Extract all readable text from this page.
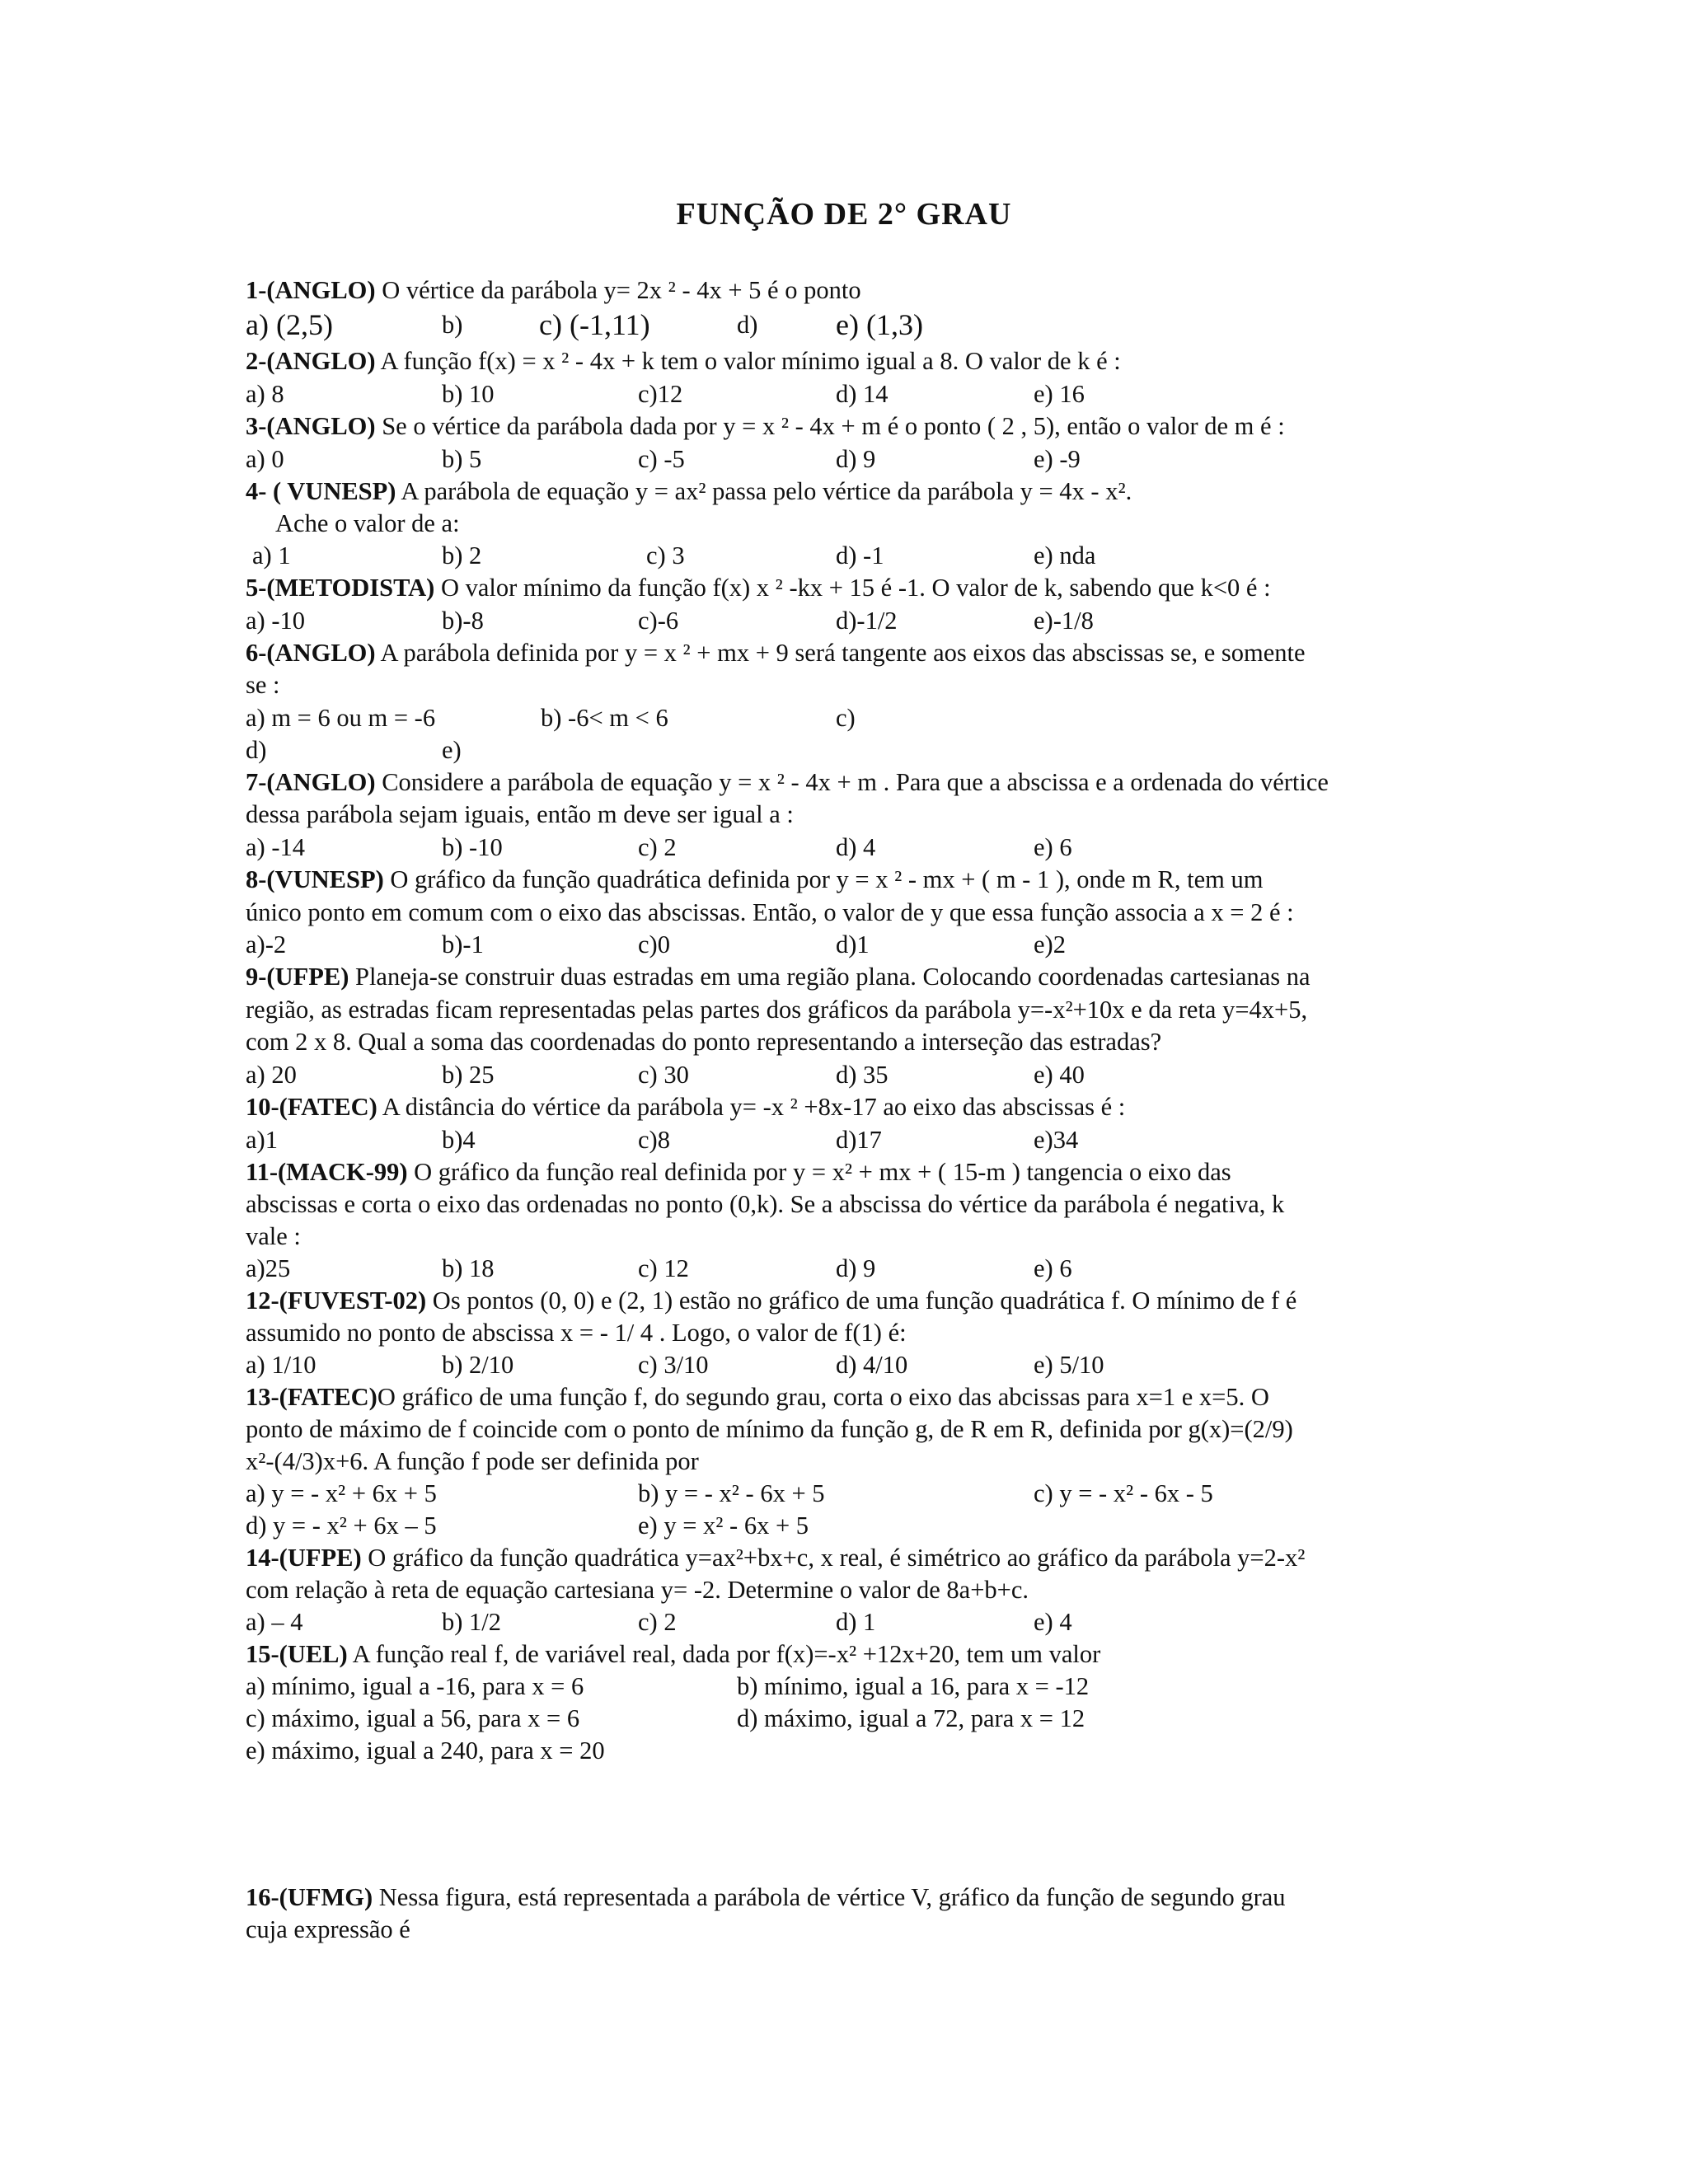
FUNÇÃO DE 2° GRAU
1-(ANGLO) O vértice da parábola y= 2x ² - 4x + 5 é o ponto
a) (2,5)	b)	c) (-1,11)	d)	e) (1,3)
2-(ANGLO) A função f(x) = x ² - 4x + k tem o valor mínimo igual a 8. O valor de k é :
a) 8	b) 10	c)12	d) 14	e) 16
3-(ANGLO) Se o vértice da parábola dada por y = x ² - 4x + m é o ponto ( 2 , 5), então o valor de m é :
a) 0	b) 5	c) -5	d) 9	e) -9
4- ( VUNESP) A parábola de equação y = ax² passa pelo vértice da parábola y = 4x - x².
Ache o valor de a:
a) 1	b) 2	c) 3	d) -1	e) nda
5-(METODISTA) O valor mínimo da função f(x) x ² -kx + 15 é -1. O valor de k, sabendo que k<0 é :
a) -10	b)-8	c)-6	d)-1/2	e)-1/8
6-(ANGLO) A parábola definida por y = x ² + mx + 9 será tangente aos eixos das abscissas se, e somente
se :
a) m = 6 ou m = -6	b) -6< m < 6	c)
d)	e)
7-(ANGLO) Considere a parábola de equação y = x ² - 4x + m . Para que a abscissa e a ordenada do vértice
dessa parábola sejam iguais, então m deve ser igual a :
a) -14	b) -10	c) 2	d) 4	e) 6
8-(VUNESP) O gráfico da função quadrática definida por y = x ² - mx + ( m - 1 ), onde m R, tem um
único ponto em comum com o eixo das abscissas. Então, o valor de y que essa função associa a x = 2 é :
a)-2	b)-1	c)0	d)1	e)2
9-(UFPE) Planeja-se construir duas estradas em uma região plana. Colocando coordenadas cartesianas na
região, as estradas ficam representadas pelas partes dos gráficos da parábola y=-x²+10x e da reta y=4x+5,
com 2 x 8. Qual a soma das coordenadas do ponto representando a interseção das estradas?
a) 20	b) 25	c) 30	d) 35	e) 40
10-(FATEC) A distância do vértice da parábola y= -x ² +8x-17 ao eixo das abscissas é :
a)1	b)4	c)8	d)17	e)34
11-(MACK-99) O gráfico da função real definida por y = x² + mx + ( 15-m ) tangencia o eixo das
abscissas e corta o eixo das ordenadas no ponto (0,k). Se a abscissa do vértice da parábola é negativa, k
vale :
a)25	b) 18	c) 12	d) 9	e) 6
12-(FUVEST-02) Os pontos (0, 0) e (2, 1) estão no gráfico de uma função quadrática f. O mínimo de f é
assumido no ponto de abscissa x = - 1/ 4 . Logo, o valor de f(1) é:
a) 1/10	b) 2/10	c) 3/10	d) 4/10	e) 5/10
13-(FATEC)O gráfico de uma função f, do segundo grau, corta o eixo das abcissas para x=1 e x=5. O
ponto de máximo de f coincide com o ponto de mínimo da função g, de R em R, definida por g(x)=(2/9)
x²-(4/3)x+6. A função f pode ser definida por
a) y = - x² + 6x + 5	b) y = - x² - 6x + 5	c) y = - x² - 6x - 5
d) y = - x² + 6x – 5	e) y = x² - 6x + 5
14-(UFPE) O gráfico da função quadrática y=ax²+bx+c, x real, é simétrico ao gráfico da parábola y=2-x²
com relação à reta de equação cartesiana y= -2. Determine o valor de 8a+b+c.
a) – 4	b) 1/2	c) 2	d) 1	e) 4
15-(UEL) A função real f, de variável real, dada por f(x)=-x² +12x+20, tem um valor
a) mínimo, igual a -16, para x = 6	b) mínimo, igual a 16, para x = -12
c) máximo, igual a 56, para x = 6	d) máximo, igual a 72, para x = 12
e) máximo, igual a 240, para x = 20
16-(UFMG) Nessa figura, está representada a parábola de vértice V, gráfico da função de segundo grau
cuja expressão é
